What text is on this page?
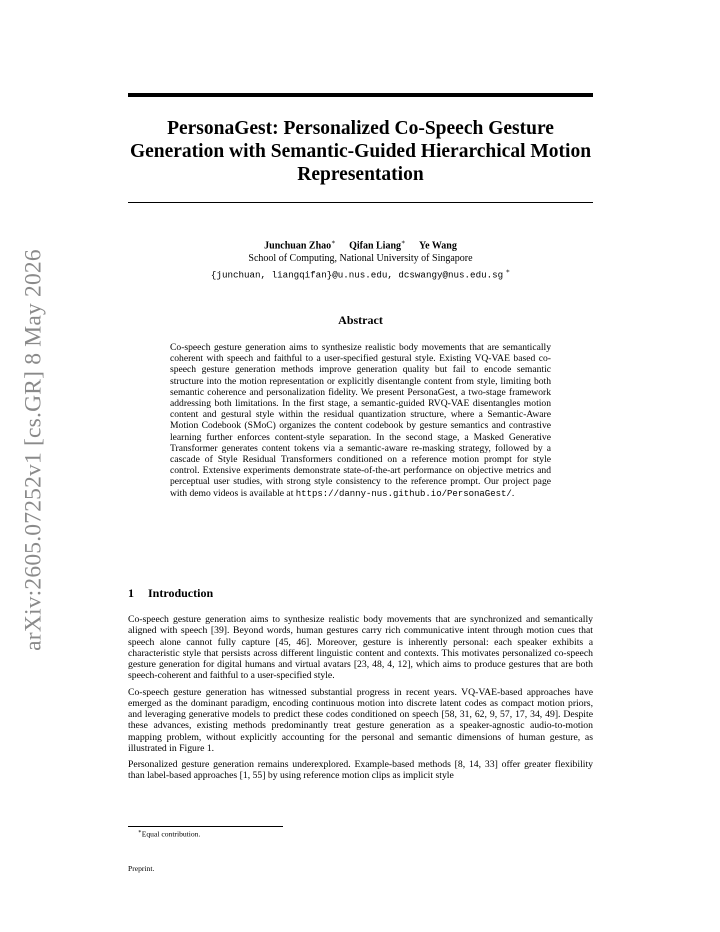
arXiv:2605.07252v1 [cs.GR] 8 May 2026
PersonaGest: Personalized Co-Speech Gesture Generation with Semantic-Guided Hierarchical Motion Representation
Junchuan Zhao∗ Qifan Liang∗ Ye Wang
School of Computing, National University of Singapore
{junchuan, liangqifan}@u.nus.edu, dcswangy@nus.edu.sg ∗
Abstract

Co-speech gesture generation aims to synthesize realistic body movements that are semantically coherent with speech and faithful to a user-specified gestural style. Existing VQ-VAE based co-speech gesture generation methods improve generation quality but fail to encode semantic structure into the motion representation or explicitly disentangle content from style, limiting both semantic coherence and personalization fidelity. We present PersonaGest, a two-stage framework addressing both limitations. In the first stage, a semantic-guided RVQ-VAE disentangles motion content and gestural style within the residual quantization structure, where a Semantic-Aware Motion Codebook (SMoC) organizes the content codebook by gesture semantics and contrastive learning further enforces content-style separation. In the second stage, a Masked Generative Transformer generates content tokens via a semantic-aware re-masking strategy, followed by a cascade of Style Residual Transformers conditioned on a reference motion prompt for style control. Extensive experiments demonstrate state-of-the-art performance on objective metrics and perceptual user studies, with strong style consistency to the reference prompt. Our project page with demo videos is available at https://danny-nus.github.io/PersonaGest/.

1 Introduction

Co-speech gesture generation aims to synthesize realistic body movements that are synchronized and semantically aligned with speech [39]. Beyond words, human gestures carry rich communicative intent through motion cues that speech alone cannot fully capture [45, 46]. Moreover, gesture is inherently personal: each speaker exhibits a characteristic style that persists across different linguistic content and contexts. This motivates personalized co-speech gesture generation for digital humans and virtual avatars [23, 48, 4, 12], which aims to produce gestures that are both speech-coherent and faithful to a user-specified style.

Co-speech gesture generation has witnessed substantial progress in recent years. VQ-VAE-based approaches have emerged as the dominant paradigm, encoding continuous motion into discrete latent codes as compact motion priors, and leveraging generative models to predict these codes conditioned on speech [58, 31, 62, 9, 57, 17, 34, 49]. Despite these advances, existing methods predominantly treat gesture generation as a speaker-agnostic audio-to-motion mapping problem, without explicitly accounting for the personal and semantic dimensions of human gesture, as illustrated in Figure 1.

Personalized gesture generation remains underexplored. Example-based methods [8, 14, 33] offer greater flexibility than label-based approaches [1, 55] by using reference motion clips as implicit style

∗Equal contribution.
Preprint.
